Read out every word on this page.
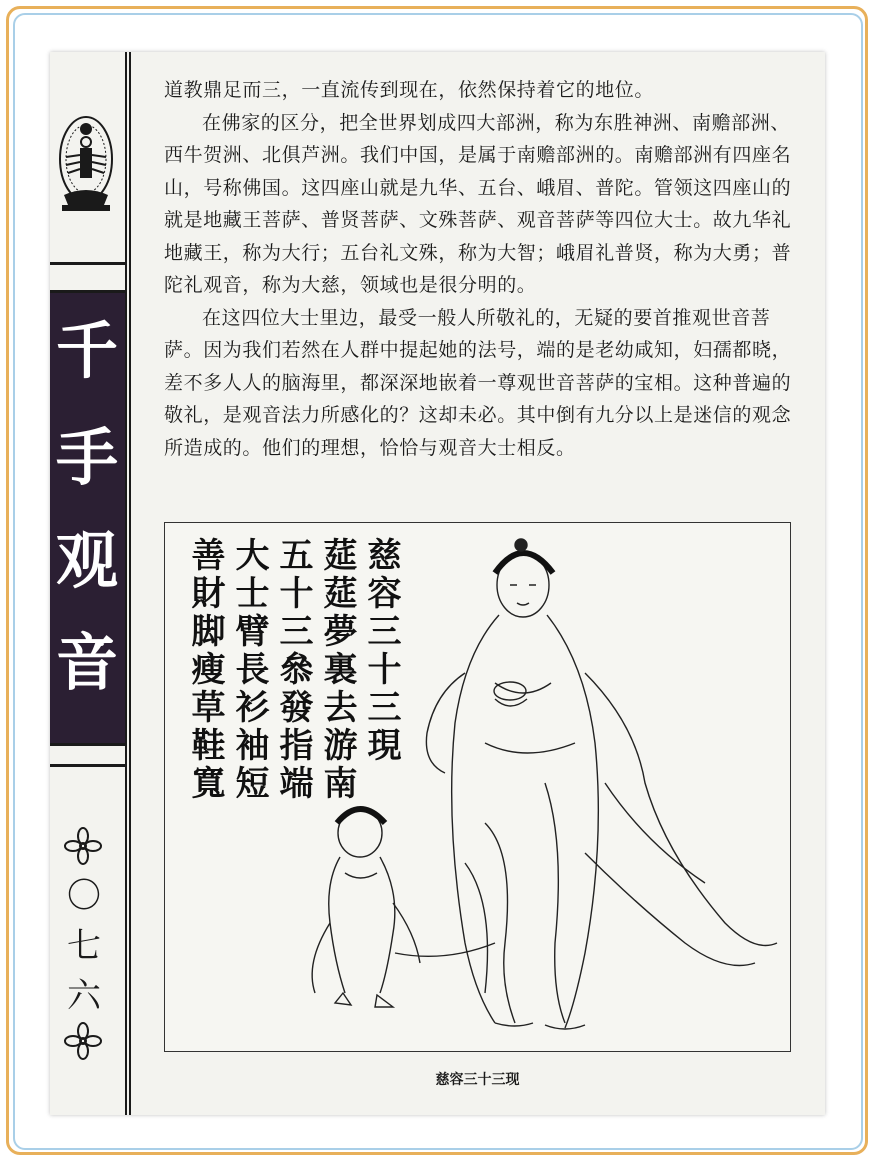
千
手
观
音
〇
七
六

道教鼎足而三，一直流传到现在，依然保持着它的地位。

在佛家的区分，把全世界划成四大部洲，称为东胜神洲、南赡部洲、西牛贺洲、北俱芦洲。我们中国，是属于南赡部洲的。南赡部洲有四座名山，号称佛国。这四座山就是九华、五台、峨眉、普陀。管领这四座山的就是地藏王菩萨、普贤菩萨、文殊菩萨、观音菩萨等四位大士。故九华礼地藏王，称为大行；五台礼文殊，称为大智；峨眉礼普贤，称为大勇；普陀礼观音，称为大慈，领域也是很分明的。

在这四位大士里边，最受一般人所敬礼的，无疑的要首推观世音菩萨。因为我们若然在人群中提起她的法号，端的是老幼咸知，妇孺都晓，差不多人人的脑海里，都深深地嵌着一尊观世音菩萨的宝相。这种普遍的敬礼，是观音法力所感化的？这却未必。其中倒有九分以上是迷信的观念所造成的。他们的理想，恰恰与观音大士相反。

慈容三十三現
莚莚夢裏去游南
五十三叅發指端
大士臂長衫袖短
善財脚瘦草鞋寬
慈容三十三现
